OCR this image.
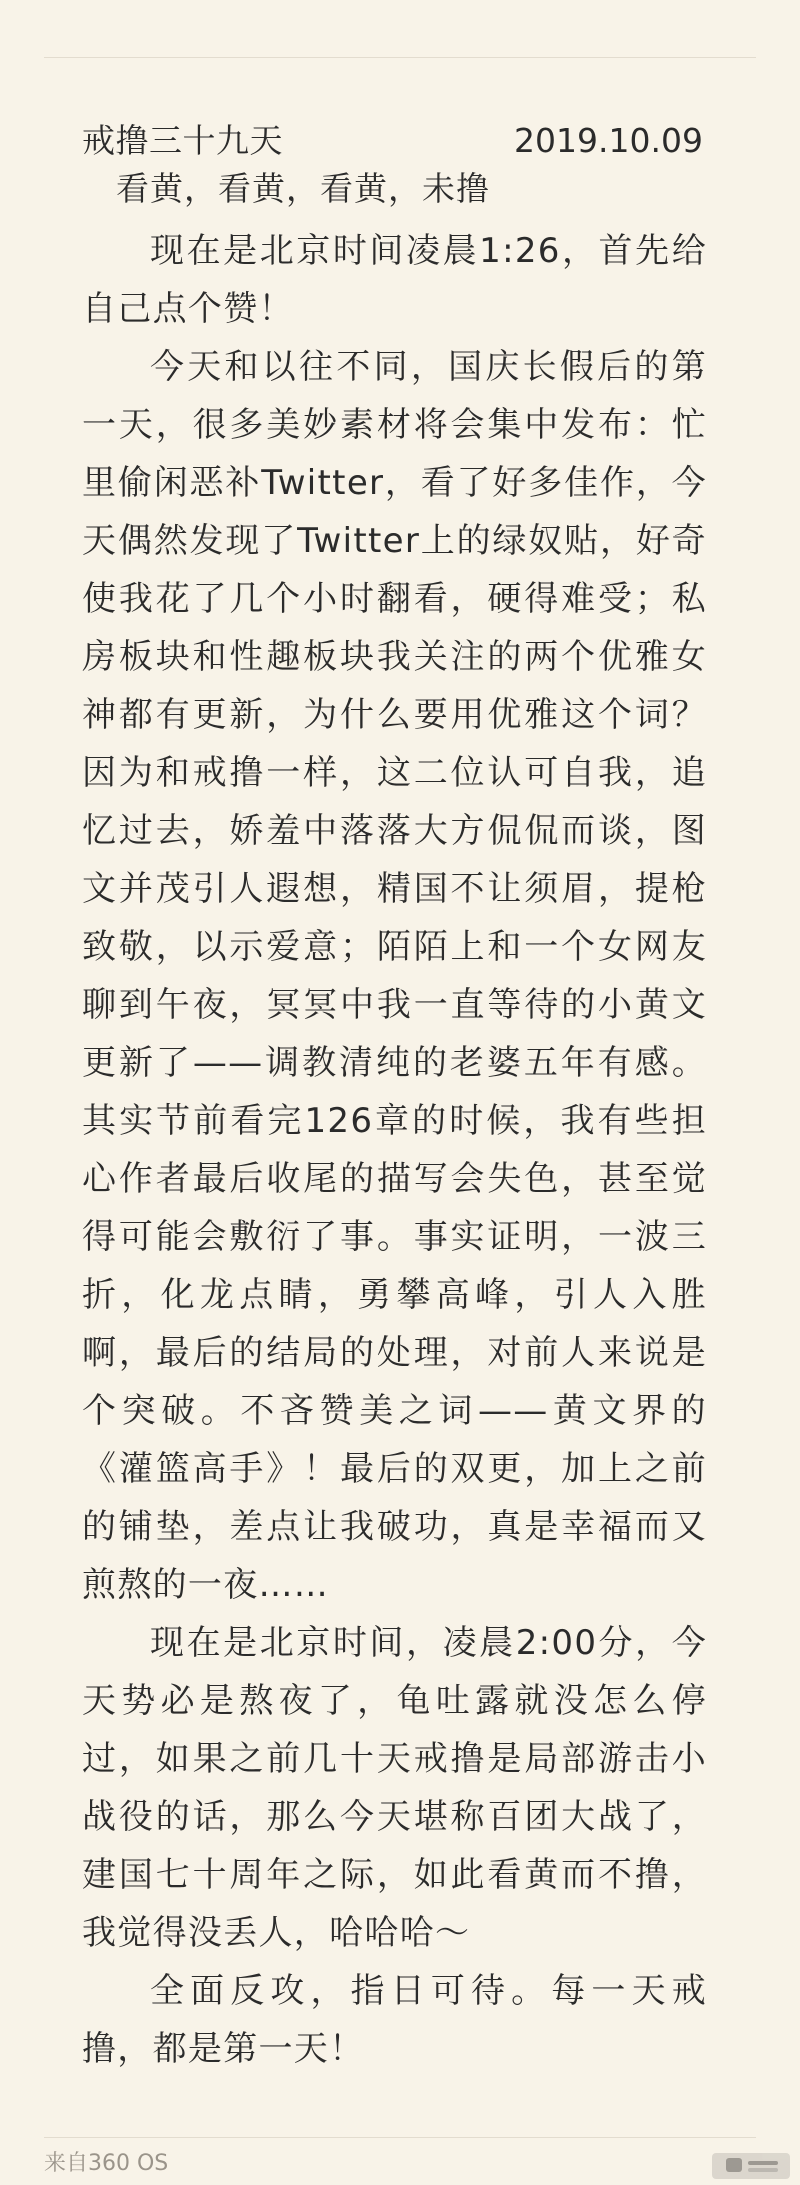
戒撸三十九天	2019.10.09
看黄，看黄，看黄，未撸

现在是北京时间凌晨1:26，首先给自己点个赞！

今天和以往不同，国庆长假后的第一天，很多美妙素材将会集中发布：忙里偷闲恶补Twitter，看了好多佳作，今天偶然发现了Twitter上的绿奴贴，好奇使我花了几个小时翻看，硬得难受；私房板块和性趣板块我关注的两个优雅女神都有更新，为什么要用优雅这个词？因为和戒撸一样，这二位认可自我，追忆过去，娇羞中落落大方侃侃而谈，图文并茂引人遐想，精国不让须眉，提枪致敬，以示爱意；陌陌上和一个女网友聊到午夜，冥冥中我一直等待的小黄文更新了——调教清纯的老婆五年有感。其实节前看完126章的时候，我有些担心作者最后收尾的描写会失色，甚至觉得可能会敷衍了事。事实证明，一波三折，化龙点睛，勇攀高峰，引人入胜啊，最后的结局的处理，对前人来说是个突破。不吝赞美之词——黄文界的《灌篮高手》！最后的双更，加上之前的铺垫，差点让我破功，真是幸福而又煎熬的一夜……

现在是北京时间，凌晨2:00分，今天势必是熬夜了，龟吐露就没怎么停过，如果之前几十天戒撸是局部游击小战役的话，那么今天堪称百团大战了，建国七十周年之际，如此看黄而不撸，我觉得没丢人，哈哈哈～

全面反攻，指日可待。每一天戒撸，都是第一天！

来自360 OS
